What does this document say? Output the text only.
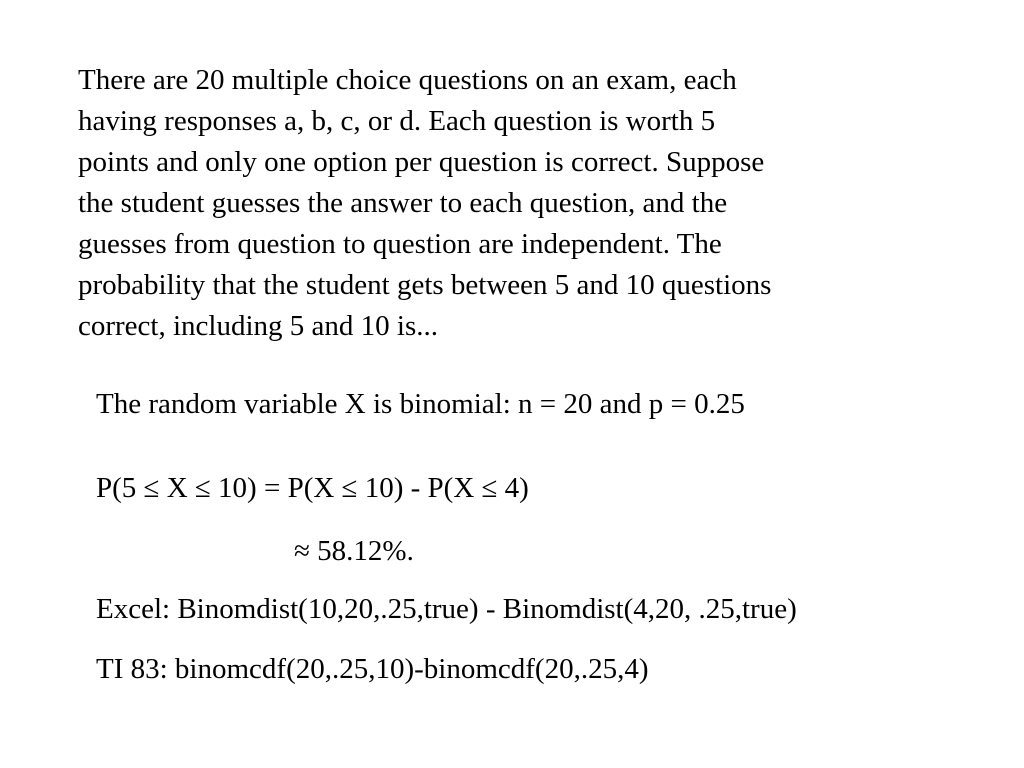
There are 20 multiple choice questions on an exam, each
having responses a, b, c, or d. Each question is worth 5
points and only one option per question is correct. Suppose
the student guesses the answer to each question, and the
guesses from question to question are independent. The
probability that the student gets between 5 and 10 questions
correct, including 5 and 10 is...
The random variable X is binomial: n = 20 and p = 0.25
P(5 ≤ X ≤ 10) = P(X ≤ 10) - P(X ≤ 4)
≈ 58.12%.
Excel: Binomdist(10,20,.25,true) - Binomdist(4,20, .25,true)
TI 83: binomcdf(20,.25,10)-binomcdf(20,.25,4)
